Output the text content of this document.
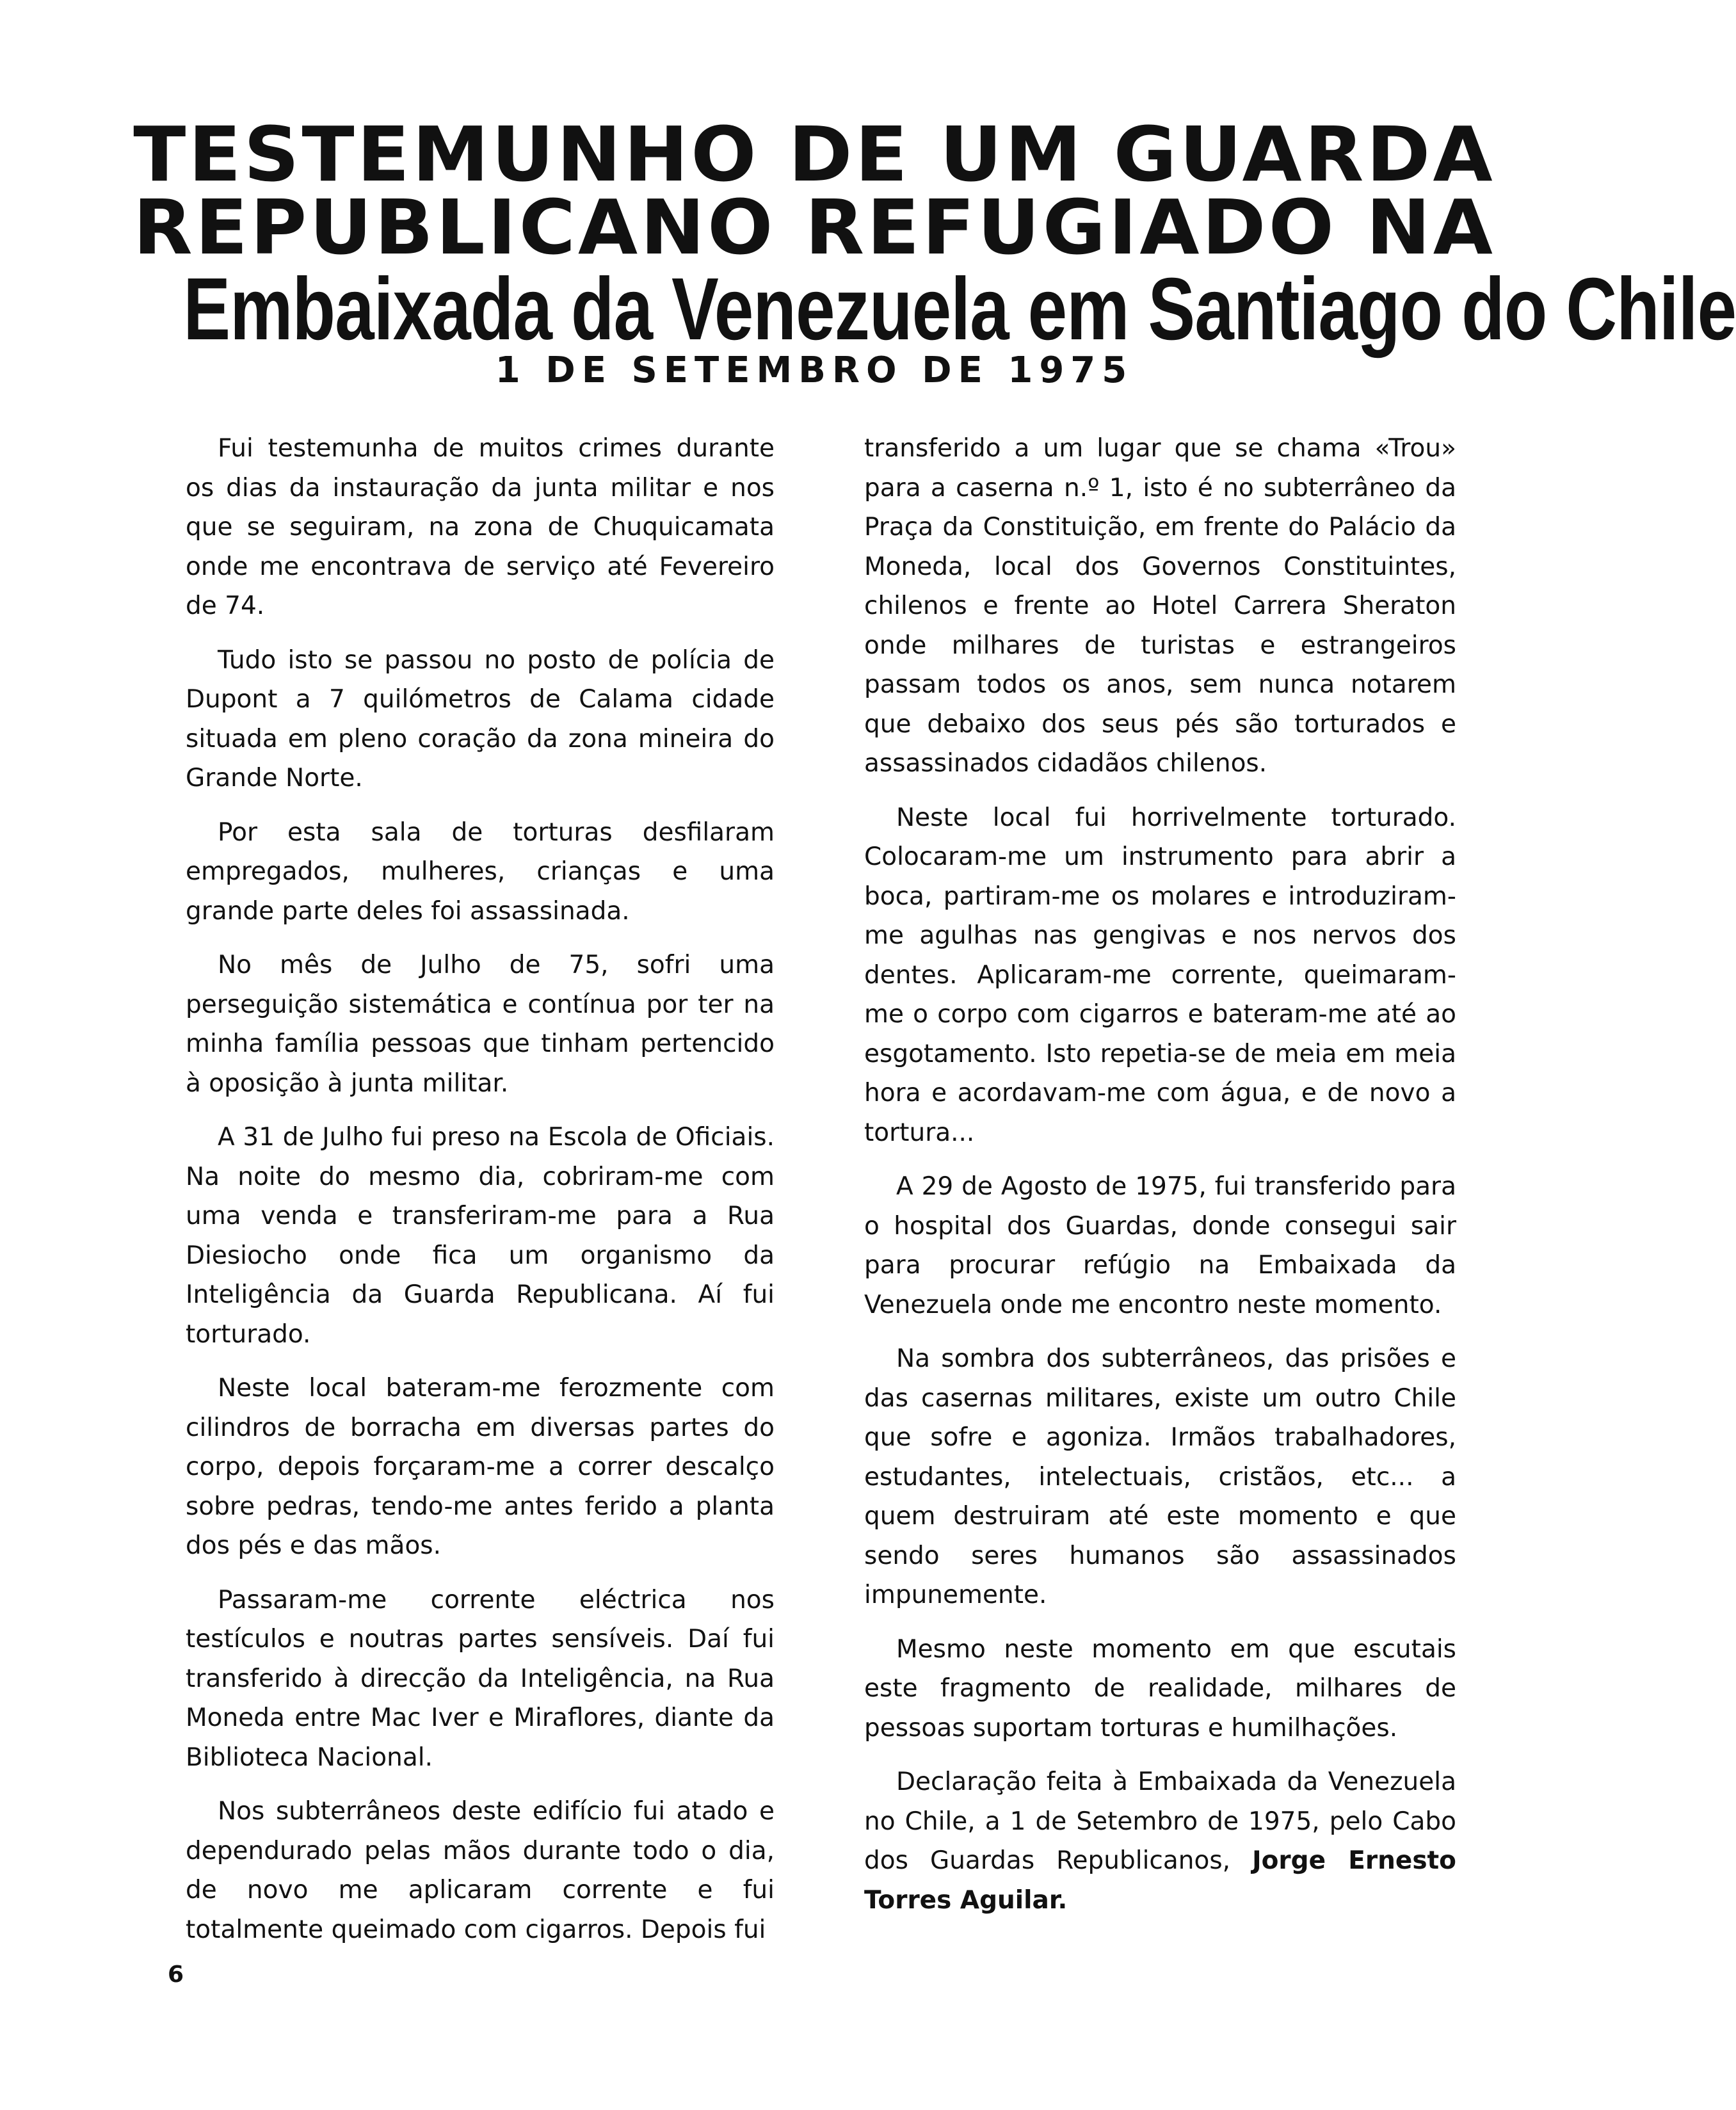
TESTEMUNHO DE UM GUARDA
REPUBLICANO REFUGIADO NA
Embaixada da Venezuela em Santiago do Chile
1 DE SETEMBRO DE 1975

Fui testemunha de muitos crimes durante os dias da instauração da junta militar e nos que se seguiram, na zona de Chuquicamata onde me encontrava de serviço até Fevereiro de 74.

Tudo isto se passou no posto de polícia de Dupont a 7 quilómetros de Calama cidade situada em pleno coração da zona mineira do Grande Norte.

Por esta sala de torturas desfilaram empregados, mulheres, crianças e uma grande parte deles foi assassinada.

No mês de Julho de 75, sofri uma perseguição sistemática e contínua por ter na minha família pessoas que tinham pertencido à oposição à junta militar.

A 31 de Julho fui preso na Escola de Oficiais. Na noite do mesmo dia, cobriram-me com uma venda e transferiram-me para a Rua Diesiocho onde fica um organismo da Inteligência da Guarda Republicana. Aí fui torturado.

Neste local bateram-me ferozmente com cilindros de borracha em diversas partes do corpo, depois forçaram-me a correr descalço sobre pedras, tendo-me antes ferido a planta dos pés e das mãos.

Passaram-me corrente eléctrica nos testículos e noutras partes sensíveis. Daí fui transferido à direcção da Inteligência, na Rua Moneda entre Mac Iver e Miraflores, diante da Biblioteca Nacional.

Nos subterrâneos deste edifício fui atado e dependurado pelas mãos durante todo o dia, de novo me aplicaram corrente e fui totalmente queimado com cigarros. Depois fui

transferido a um lugar que se chama «Trou» para a caserna n.º 1, isto é no subterrâneo da Praça da Constituição, em frente do Palácio da Moneda, local dos Governos Constituintes, chilenos e frente ao Hotel Carrera Sheraton onde milhares de turistas e estrangeiros passam todos os anos, sem nunca notarem que debaixo dos seus pés são torturados e assassinados cidadãos chilenos.

Neste local fui horrivelmente torturado. Colocaram-me um instrumento para abrir a boca, partiram-me os molares e introduziram-me agulhas nas gengivas e nos nervos dos dentes. Aplicaram-me corrente, queimaram-me o corpo com cigarros e bateram-me até ao esgotamento. Isto repetia-se de meia em meia hora e acordavam-me com água, e de novo a tortura...

A 29 de Agosto de 1975, fui transferido para o hospital dos Guardas, donde consegui sair para procurar refúgio na Embaixada da Venezuela onde me encontro neste momento.

Na sombra dos subterrâneos, das prisões e das casernas militares, existe um outro Chile que sofre e agoniza. Irmãos trabalhadores, estudantes, intelectuais, cristãos, etc... a quem destruiram até este momento e que sendo seres humanos são assassinados impunemente.

Mesmo neste momento em que escutais este fragmento de realidade, milhares de pessoas suportam torturas e humilhações.

Declaração feita à Embaixada da Venezuela no Chile, a 1 de Setembro de 1975, pelo Cabo dos Guardas Republicanos, Jorge Ernesto Torres Aguilar.

6
